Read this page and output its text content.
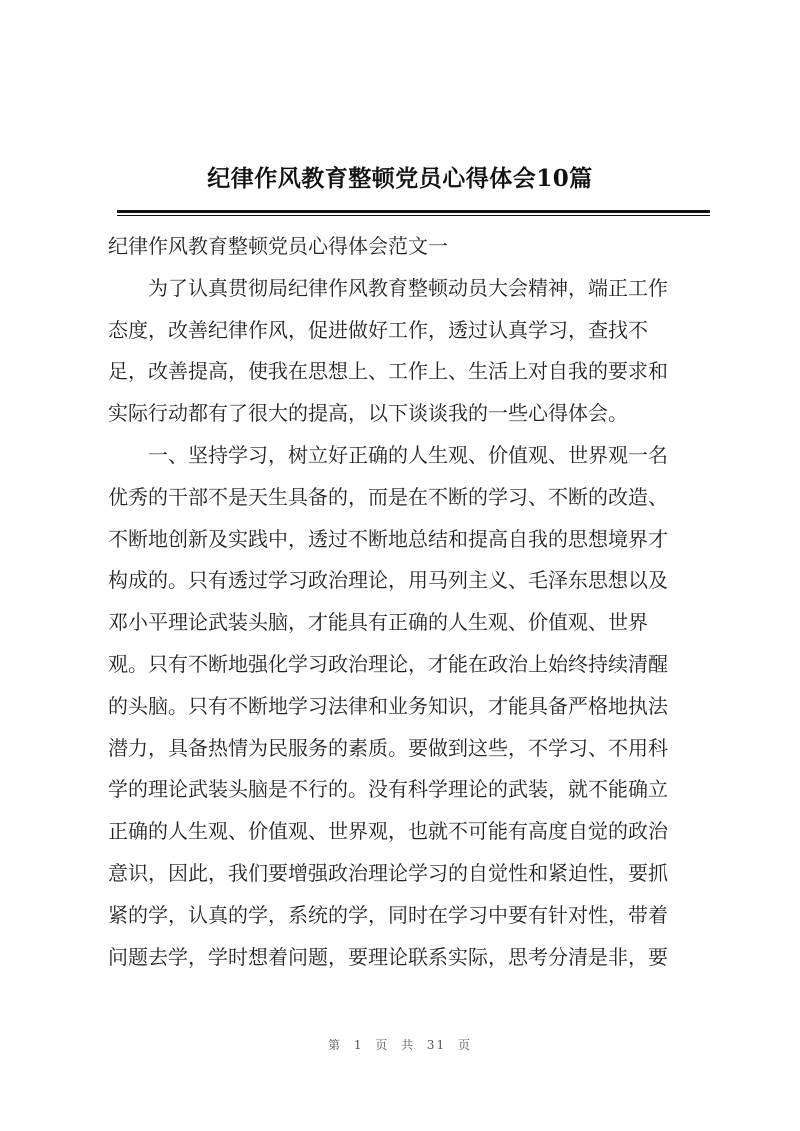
纪律作风教育整顿党员心得体会10篇
纪律作风教育整顿党员心得体会范文一
　　为了认真贯彻局纪律作风教育整顿动员大会精神，端正工作
态度，改善纪律作风，促进做好工作，透过认真学习，查找不
足，改善提高，使我在思想上、工作上、生活上对自我的要求和
实际行动都有了很大的提高，以下谈谈我的一些心得体会。
　　一、坚持学习，树立好正确的人生观、价值观、世界观一名
优秀的干部不是天生具备的，而是在不断的学习、不断的改造、
不断地创新及实践中，透过不断地总结和提高自我的思想境界才
构成的。只有透过学习政治理论，用马列主义、毛泽东思想以及
邓小平理论武装头脑，才能具有正确的人生观、价值观、世界
观。只有不断地强化学习政治理论，才能在政治上始终持续清醒
的头脑。只有不断地学习法律和业务知识，才能具备严格地执法
潜力，具备热情为民服务的素质。要做到这些，不学习、不用科
学的理论武装头脑是不行的。没有科学理论的武装，就不能确立
正确的人生观、价值观、世界观，也就不可能有高度自觉的政治
意识，因此，我们要增强政治理论学习的自觉性和紧迫性，要抓
紧的学，认真的学，系统的学，同时在学习中要有针对性，带着
问题去学，学时想着问题，要理论联系实际，思考分清是非，要
第 1 页 共 31 页
